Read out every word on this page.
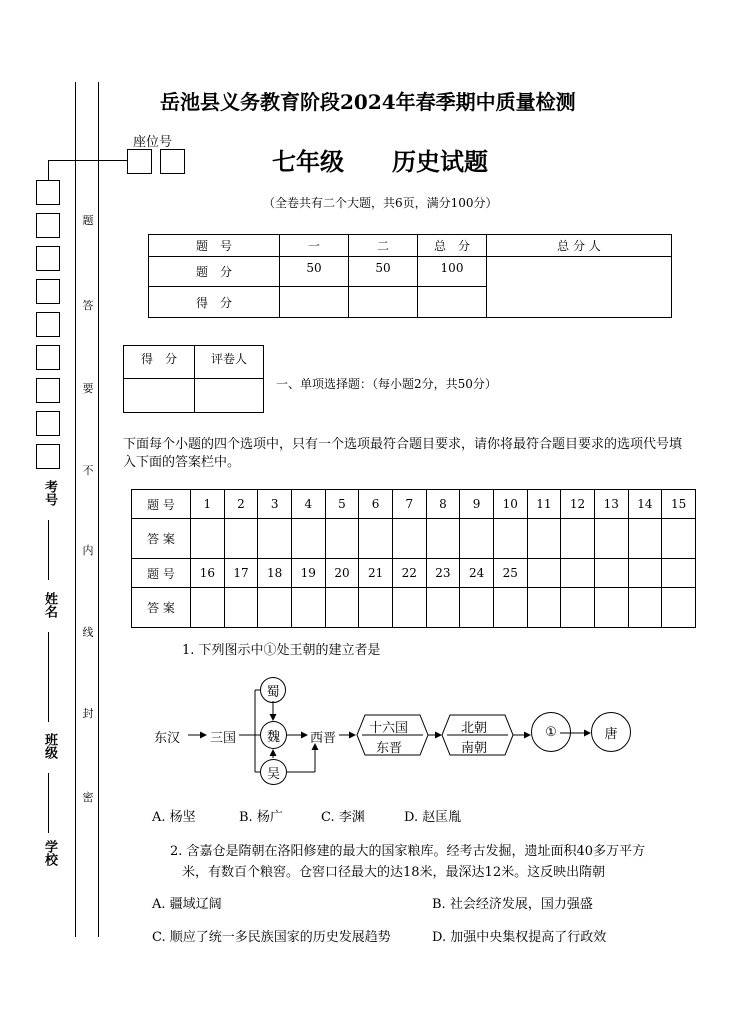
题
答
要
不
内
线
封
密
考号
姓名
班级
学校
岳池县义务教育阶段2024年春季期中质量检测
座位号
七年级　　历史试题
（全卷共有二个大题，共6页，满分100分）
题　号	一	二	总　分	总 分 人
题　分	50	50	100	
得　分				
得　分	评卷人

一、单项选择题：（每小题2分，共50分）
下面每个小题的四个选项中，只有一个选项最符合题目要求，请你将最符合题目要求的选项代号填入下面的答案栏中。
题 号	1	2	3	4	5	6	7	8	9	10	11	12	13	14	15
答 案															
题 号	16	17	18	19	20	21	22	23	24	25					
答 案															
1. 下列图示中①处王朝的建立者是
东汉 三国
蜀
魏
吴
西晋
十六国
东晋
北朝
南朝
①	唐
A. 杨坚	B. 杨广	C. 李渊	D. 赵匡胤
2. 含嘉仓是隋朝在洛阳修建的最大的国家粮库。经考古发掘，遗址面积40多万平方
米，有数百个粮窖。仓窖口径最大的达18米，最深达12米。这反映出隋朝
A. 疆域辽阔	B. 社会经济发展，国力强盛
C. 顺应了统一多民族国家的历史发展趋势	D. 加强中央集权提高了行政效
